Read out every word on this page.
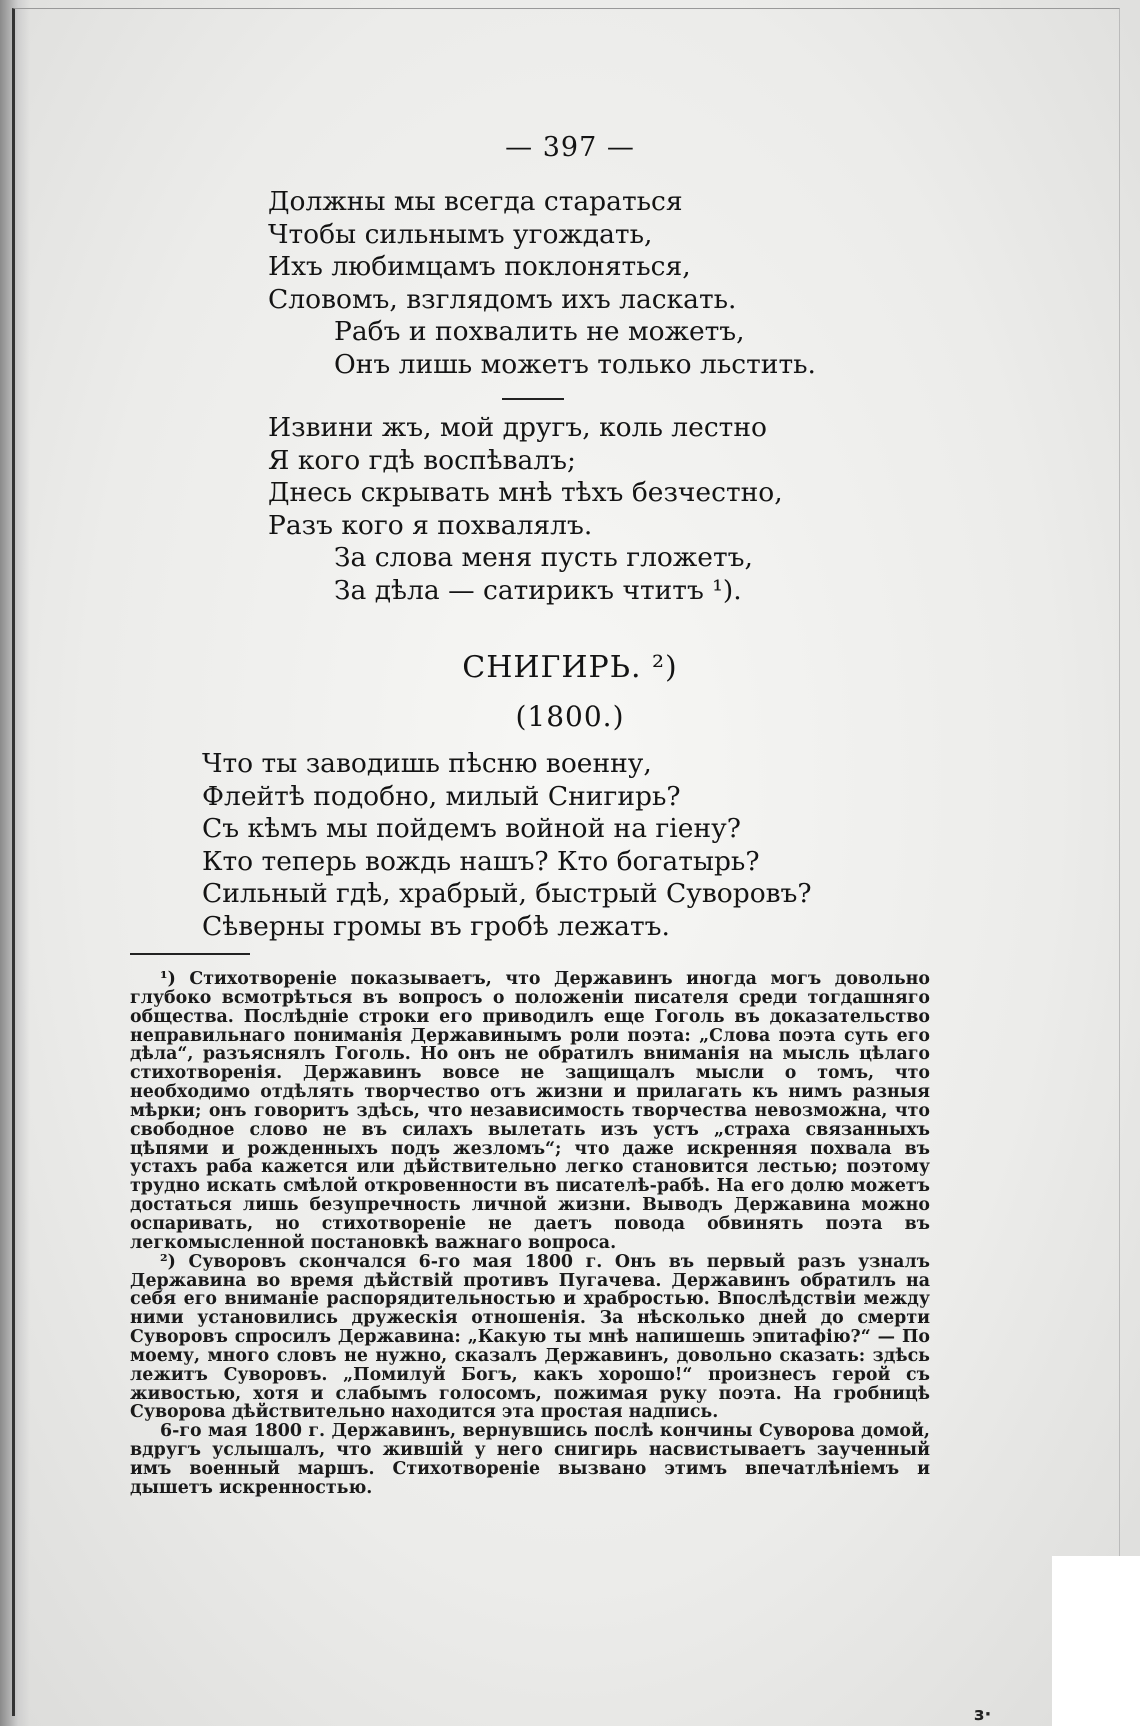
— 397 —
Должны мы всегда стараться
Чтобы сильнымъ угождать,
Ихъ любимцамъ поклоняться,
Словомъ, взглядомъ ихъ ласкать.
Рабъ и похвалить не можетъ,
Онъ лишь можетъ только льстить.
Извини жъ, мой другъ, коль лестно
Я кого гдѣ воспѣвалъ;
Днесь скрывать мнѣ тѣхъ безчестно,
Разъ кого я похвалялъ.
За слова меня пусть гложетъ,
За дѣла — сатирикъ чтитъ ¹).
СНИГИРЬ. ²)
(1800.)
Что ты заводишь пѣсню военну,
Флейтѣ подобно, милый Снигирь?
Съ кѣмъ мы пойдемъ войной на гіену?
Кто теперь вождь нашъ? Кто богатырь?
Сильный гдѣ, храбрый, быстрый Суворовъ?
Сѣверны громы въ гробѣ лежатъ.

¹) Стихотвореніе показываетъ, что Державинъ иногда могъ довольно глубоко всмотрѣться въ вопросъ о положеніи писателя среди тогдашняго общества. Послѣдніе строки его приводилъ еще Гоголь въ доказательство неправильнаго пониманія Державинымъ роли поэта: „Слова поэта суть его дѣла“, разъяснялъ Гоголь. Но онъ не обратилъ вниманія на мысль цѣлаго стихотворенія. Державинъ вовсе не защищалъ мысли о томъ, что необходимо отдѣлять творчество отъ жизни и прилагать къ нимъ разныя мѣрки; онъ говоритъ здѣсь, что независимость творчества невозможна, что свободное слово не въ силахъ вылетать изъ устъ „страха связанныхъ цѣпями и рожденныхъ подъ жезломъ“; что даже искренняя похвала въ устахъ раба кажется или дѣйствительно легко становится лестью; поэтому трудно искать смѣлой откровенности въ писателѣ-рабѣ. На его долю можетъ достаться лишь безупречность личной жизни. Выводъ Державина можно оспаривать, но стихотвореніе не даетъ повода обвинять поэта въ легкомысленной постановкѣ важнаго вопроса.

²) Суворовъ скончался 6-го мая 1800 г. Онъ въ первый разъ узналъ Державина во время дѣйствій противъ Пугачева. Державинъ обратилъ на себя его вниманіе распорядительностью и храбростью. Впослѣдствіи между ними установились дружескія отношенія. За нѣсколько дней до смерти Суворовъ спросилъ Державина: „Какую ты мнѣ напишешь эпитафію?“ — По моему, много словъ не нужно, сказалъ Державинъ, довольно сказать: здѣсь лежитъ Суворовъ. „Помилуй Богъ, какъ хорошо!“ произнесъ герой съ живостью, хотя и слабымъ голосомъ, пожимая руку поэта. На гробницѣ Суворова дѣйствительно находится эта простая надпись.

6-го мая 1800 г. Державинъ, вернувшись послѣ кончины Суворова домой, вдругъ услышалъ, что жившій у него снигирь насвистываетъ заученный имъ военный маршъ. Стихотвореніе вызвано этимъ впечатлѣніемъ и дышетъ искренностью.

з·
